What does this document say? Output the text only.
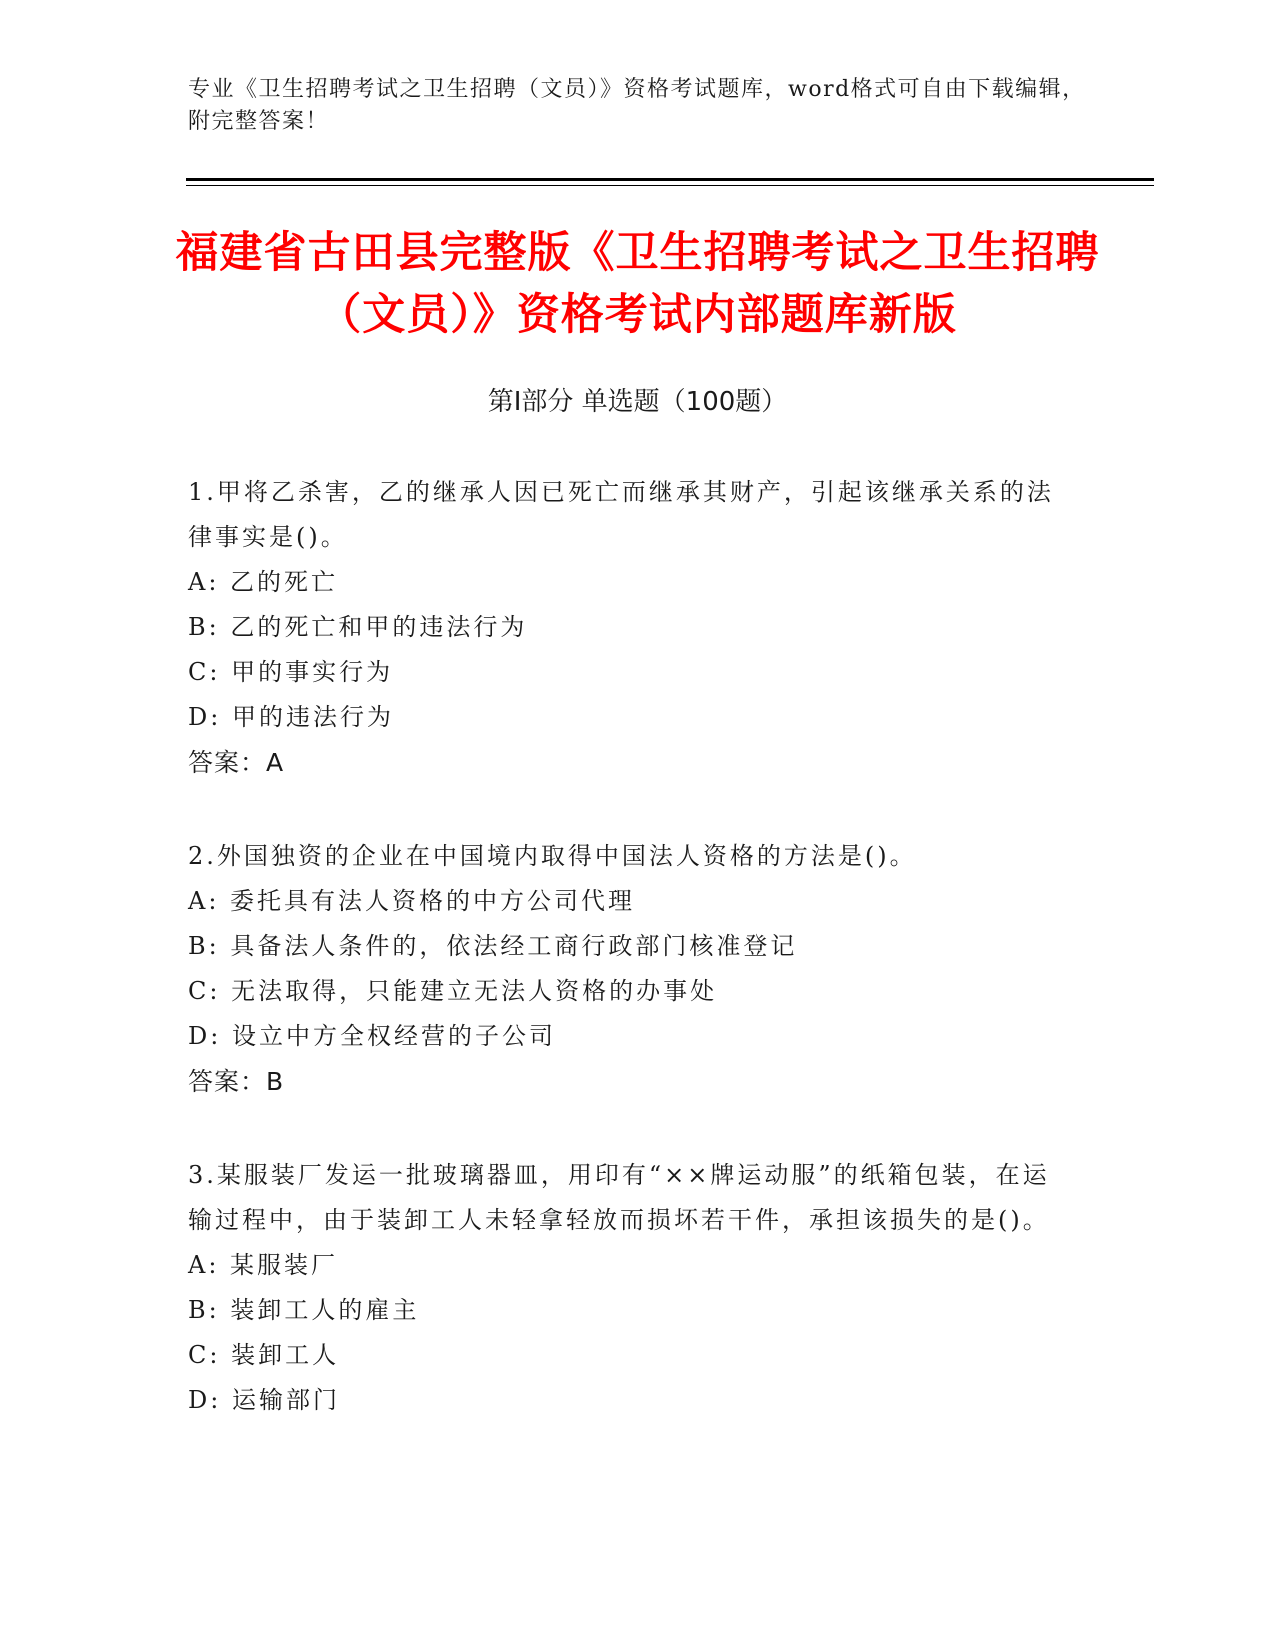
专业《卫生招聘考试之卫生招聘（文员）》资格考试题库，word格式可自由下载编辑，附完整答案！
福建省古田县完整版《卫生招聘考试之卫生招聘（文员）》资格考试内部题库新版
第I部分 单选题（100题）
1.甲将乙杀害，乙的继承人因已死亡而继承其财产，引起该继承关系的法律事实是()。
A: 乙的死亡
B: 乙的死亡和甲的违法行为
C: 甲的事实行为
D: 甲的违法行为
答案：A
2.外国独资的企业在中国境内取得中国法人资格的方法是()。
A: 委托具有法人资格的中方公司代理
B: 具备法人条件的，依法经工商行政部门核准登记
C: 无法取得，只能建立无法人资格的办事处
D: 设立中方全权经营的子公司
答案：B
3.某服装厂发运一批玻璃器皿，用印有“××牌运动服”的纸箱包装，在运输过程中，由于装卸工人未轻拿轻放而损坏若干件，承担该损失的是()。
A: 某服装厂
B: 装卸工人的雇主
C: 装卸工人
D: 运输部门
